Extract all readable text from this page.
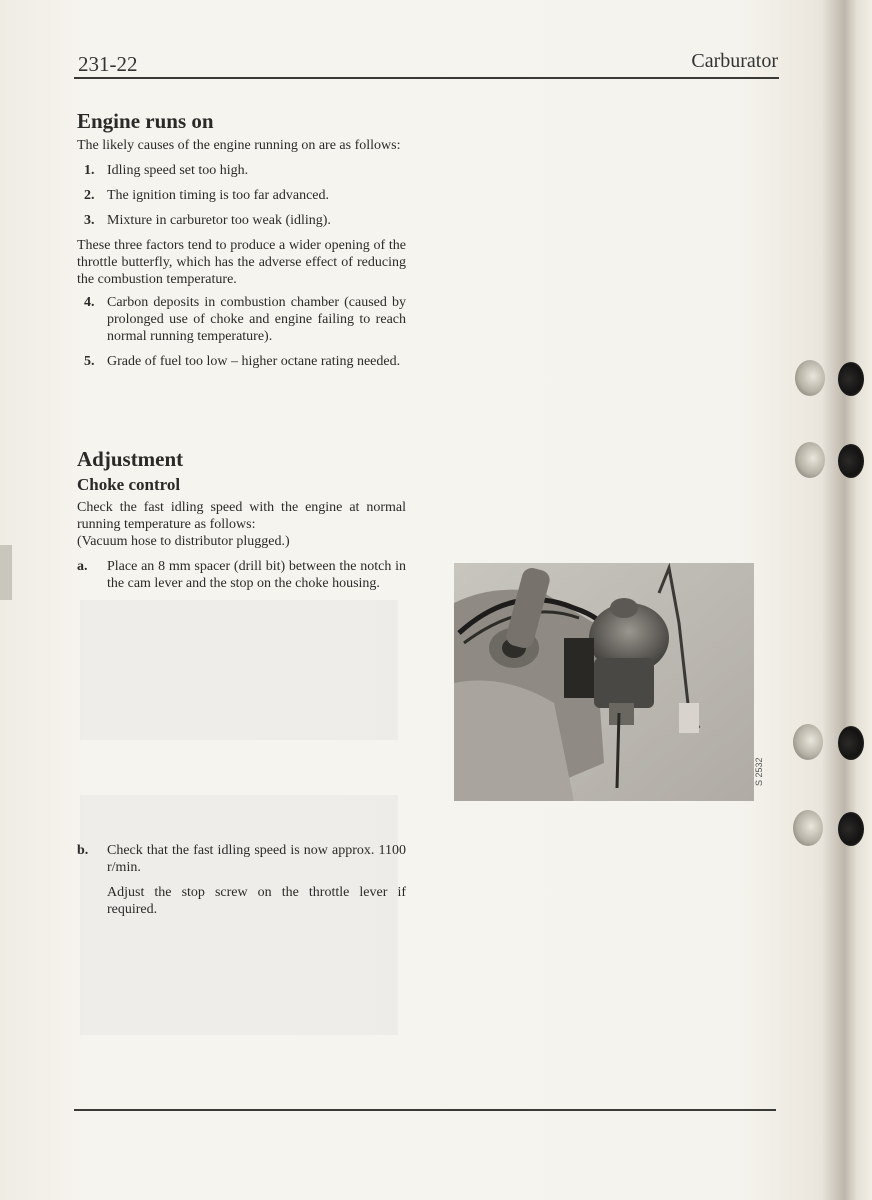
231-22	Carburator
Engine runs on

The likely causes of the engine running on are as follows:

1. Idling speed set too high.
2. The ignition timing is too far advanced.
3. Mixture in carburetor too weak (idling).

These three factors tend to produce a wider opening of the throttle butterfly, which has the adverse effect of reducing the combustion temperature.

4. Carbon deposits in combustion chamber (caused by prolonged use of choke and engine failing to reach normal running temperature).
5. Grade of fuel too low – higher octane rating needed.
Adjustment
Choke control

Check the fast idling speed with the engine at normal running temperature as follows:

(Vacuum hose to distributor plugged.)

a. Place an 8 mm spacer (drill bit) between the notch in the cam lever and the stop on the choke housing.
b. Check that the fast idling speed is now approx. 1100 r/min.
Adjust the stop screw on the throttle lever if required.
S 2532
